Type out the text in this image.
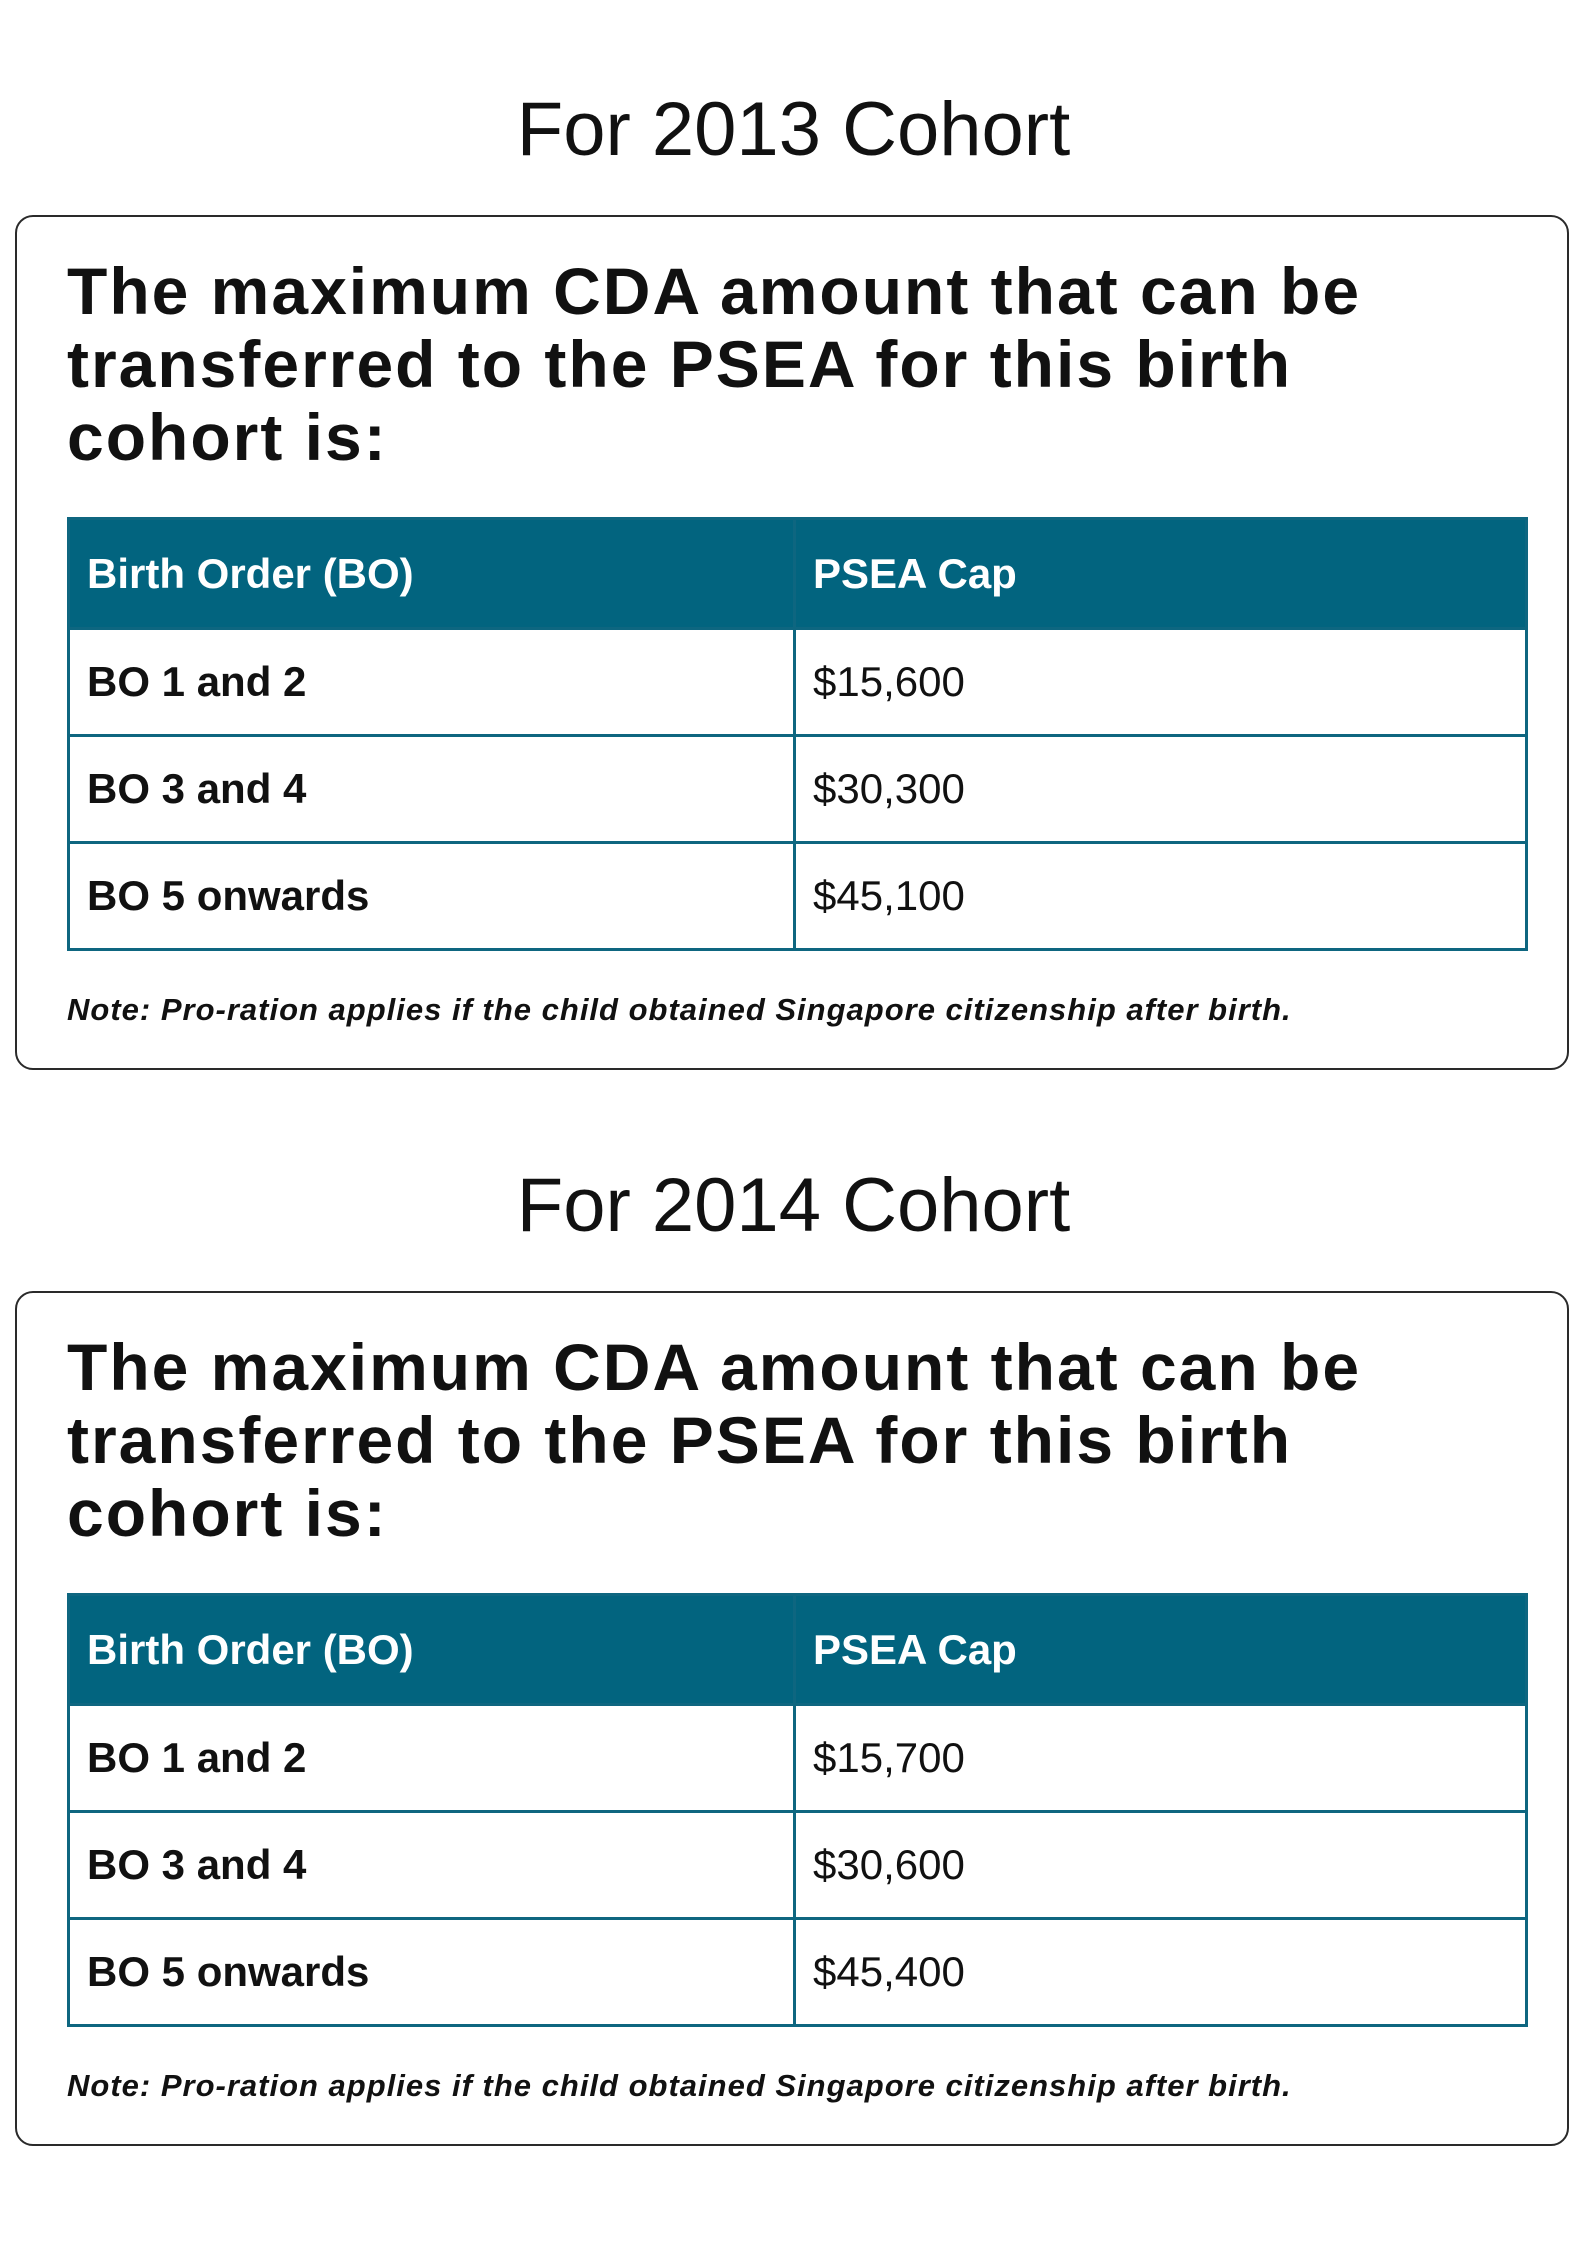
For 2013 Cohort
The maximum CDA amount that can be transferred to the PSEA for this birth cohort is:
Birth Order (BO)	PSEA Cap
BO 1 and 2	$15,600
BO 3 and 4	$30,300
BO 5 onwards	$45,100

Note: Pro-ration applies if the child obtained Singapore citizenship after birth.

For 2014 Cohort
The maximum CDA amount that can be transferred to the PSEA for this birth cohort is:
Birth Order (BO)	PSEA Cap
BO 1 and 2	$15,700
BO 3 and 4	$30,600
BO 5 onwards	$45,400

Note: Pro-ration applies if the child obtained Singapore citizenship after birth.
